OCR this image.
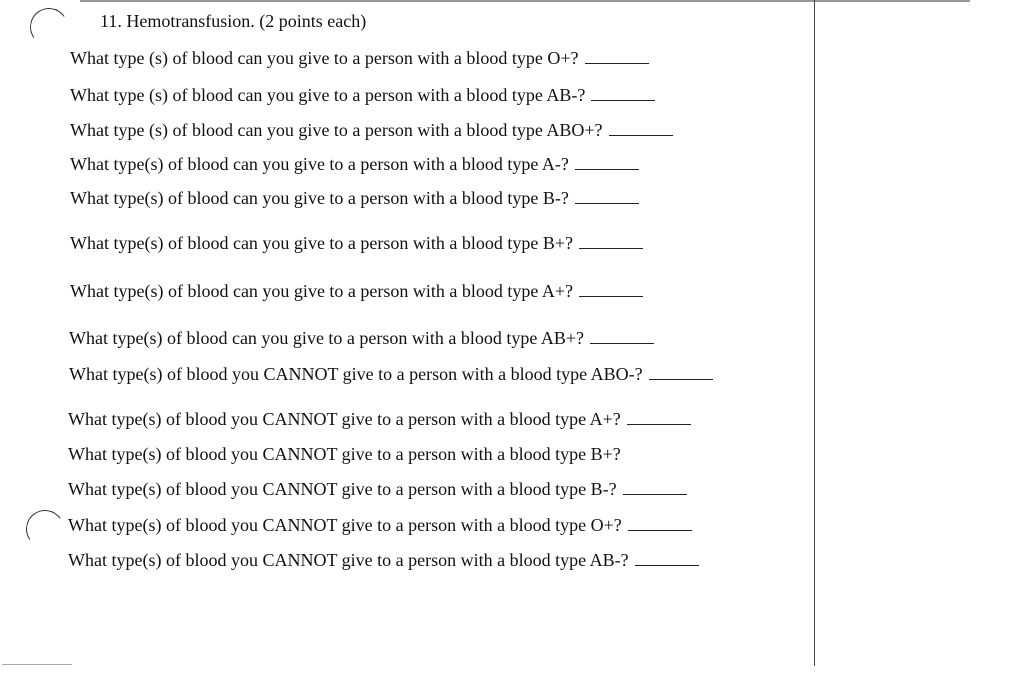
11. Hemotransfusion. (2 points each)
What type (s) of blood can you give to a person with a blood type O+?
What type (s) of blood can you give to a person with a blood type AB-?
What type (s) of blood can you give to a person with a blood type ABO+?
What type(s) of blood can you give to a person with a blood type A-?
What type(s) of blood can you give to a person with a blood type B-?
What type(s) of blood can you give to a person with a blood type B+?
What type(s) of blood can you give to a person with a blood type A+?
What type(s) of blood can you give to a person with a blood type AB+?
What type(s) of blood you CANNOT give to a person with a blood type ABO-?
What type(s) of blood you CANNOT give to a person with a blood type A+?
What type(s) of blood you CANNOT give to a person with a blood type B+?
What type(s) of blood you CANNOT give to a person with a blood type B-?
What type(s) of blood you CANNOT give to a person with a blood type O+?
What type(s) of blood you CANNOT give to a person with a blood type AB-?
